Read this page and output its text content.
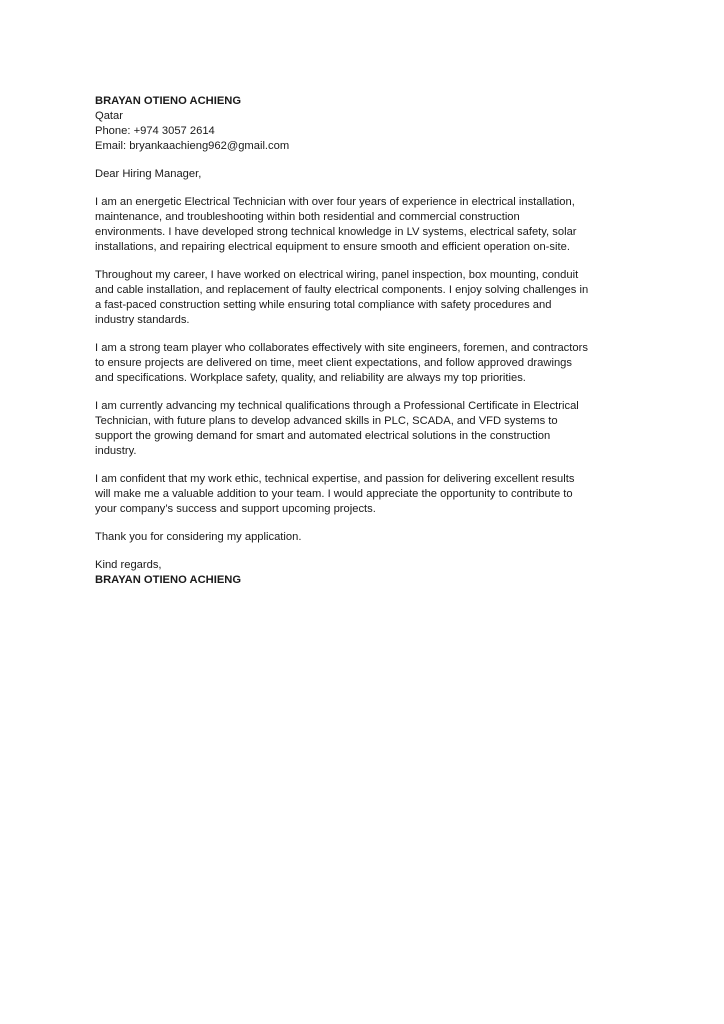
BRAYAN OTIENO ACHIENG
Qatar
Phone: +974 3057 2614
Email: bryankaachieng962@gmail.com
Dear Hiring Manager,
I am an energetic Electrical Technician with over four years of experience in electrical installation,
maintenance, and troubleshooting within both residential and commercial construction
environments. I have developed strong technical knowledge in LV systems, electrical safety, solar
installations, and repairing electrical equipment to ensure smooth and efficient operation on-site.
Throughout my career, I have worked on electrical wiring, panel inspection, box mounting, conduit
and cable installation, and replacement of faulty electrical components. I enjoy solving challenges in
a fast-paced construction setting while ensuring total compliance with safety procedures and
industry standards.
I am a strong team player who collaborates effectively with site engineers, foremen, and contractors
to ensure projects are delivered on time, meet client expectations, and follow approved drawings
and specifications. Workplace safety, quality, and reliability are always my top priorities.
I am currently advancing my technical qualifications through a Professional Certificate in Electrical
Technician, with future plans to develop advanced skills in PLC, SCADA, and VFD systems to
support the growing demand for smart and automated electrical solutions in the construction
industry.
I am confident that my work ethic, technical expertise, and passion for delivering excellent results
will make me a valuable addition to your team. I would appreciate the opportunity to contribute to
your company’s success and support upcoming projects.
Thank you for considering my application.
Kind regards,
BRAYAN OTIENO ACHIENG
